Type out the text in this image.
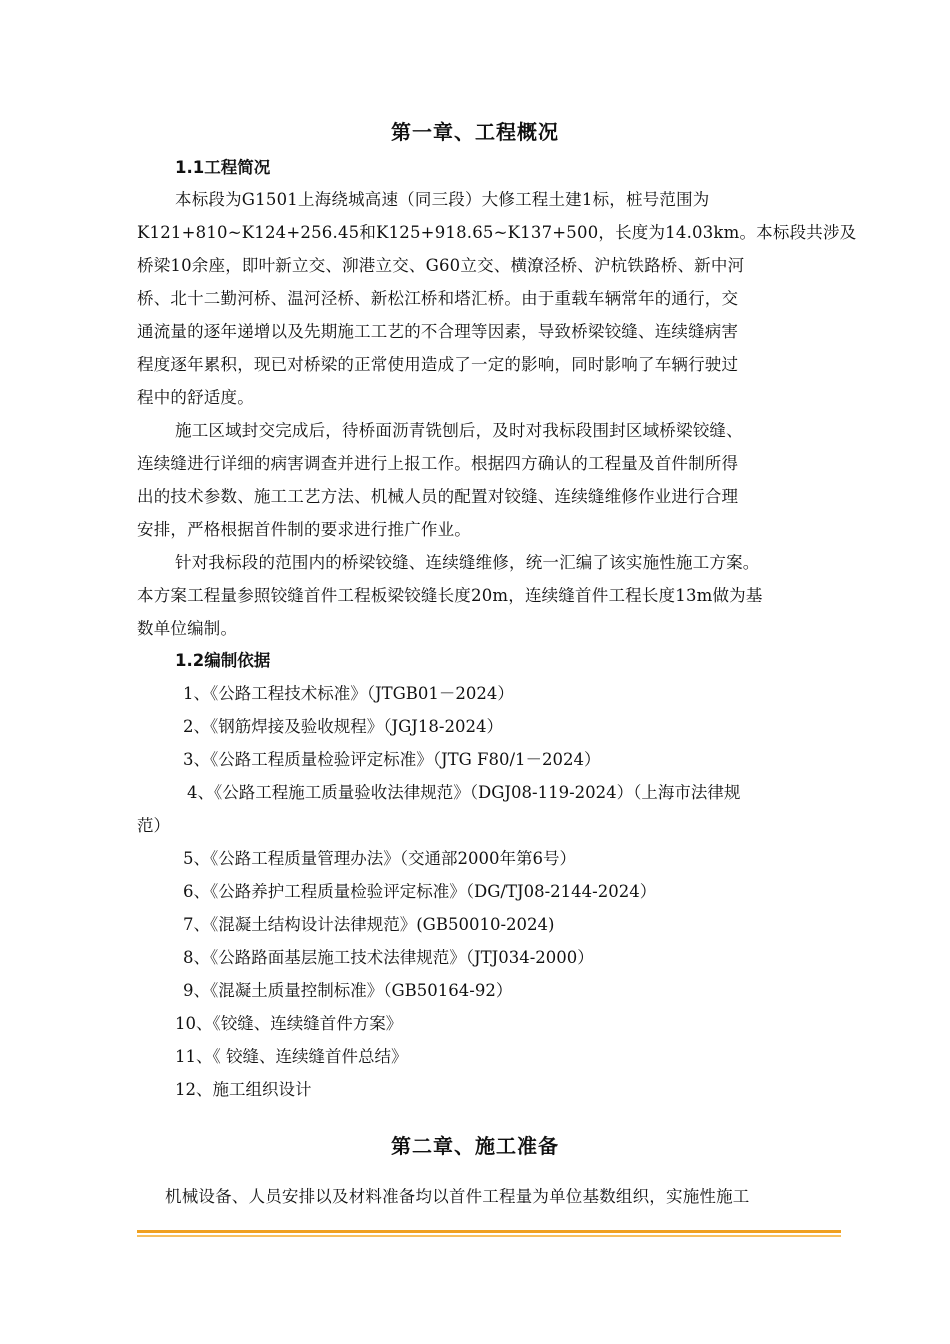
第一章、工程概况
1.1工程简况
本标段为G1501上海绕城高速（同三段）大修工程土建1标，桩号范围为
K121+810~K124+256.45和K125+918.65~K137+500，长度为14.03km。本标段共涉及
桥梁10余座，即叶新立交、泖港立交、G60立交、横潦泾桥、沪杭铁路桥、新中河
桥、北十二勤河桥、温河泾桥、新松江桥和塔汇桥。由于重载车辆常年的通行，交
通流量的逐年递增以及先期施工工艺的不合理等因素，导致桥梁铰缝、连续缝病害
程度逐年累积，现已对桥梁的正常使用造成了一定的影响，同时影响了车辆行驶过
程中的舒适度。
施工区域封交完成后，待桥面沥青铣刨后，及时对我标段围封区域桥梁铰缝、
连续缝进行详细的病害调查并进行上报工作。根据四方确认的工程量及首件制所得
出的技术参数、施工工艺方法、机械人员的配置对铰缝、连续缝维修作业进行合理
安排，严格根据首件制的要求进行推广作业。
针对我标段的范围内的桥梁铰缝、连续缝维修，统一汇编了该实施性施工方案。
本方案工程量参照铰缝首件工程板梁铰缝长度20m，连续缝首件工程长度13m做为基
数单位编制。
1.2编制依据
1、《公路工程技术标准》（JTGB01－2024）
2、《钢筋焊接及验收规程》（JGJ18-2024）
3、《公路工程质量检验评定标准》（JTG F80/1－2024）
4、《公路工程施工质量验收法律规范》（DGJ08-119-2024）（上海市法律规
范）
5、《公路工程质量管理办法》（交通部2000年第6号）
6、《公路养护工程质量检验评定标准》（DG/TJ08-2144-2024）
7、《混凝土结构设计法律规范》(GB50010-2024)
8、《公路路面基层施工技术法律规范》（JTJ034-2000）
9、《混凝土质量控制标准》（GB50164-92）
10、《铰缝、连续缝首件方案》
11、《 铰缝、连续缝首件总结》
12、施工组织设计
第二章、施工准备
机械设备、人员安排以及材料准备均以首件工程量为单位基数组织，实施性施工
